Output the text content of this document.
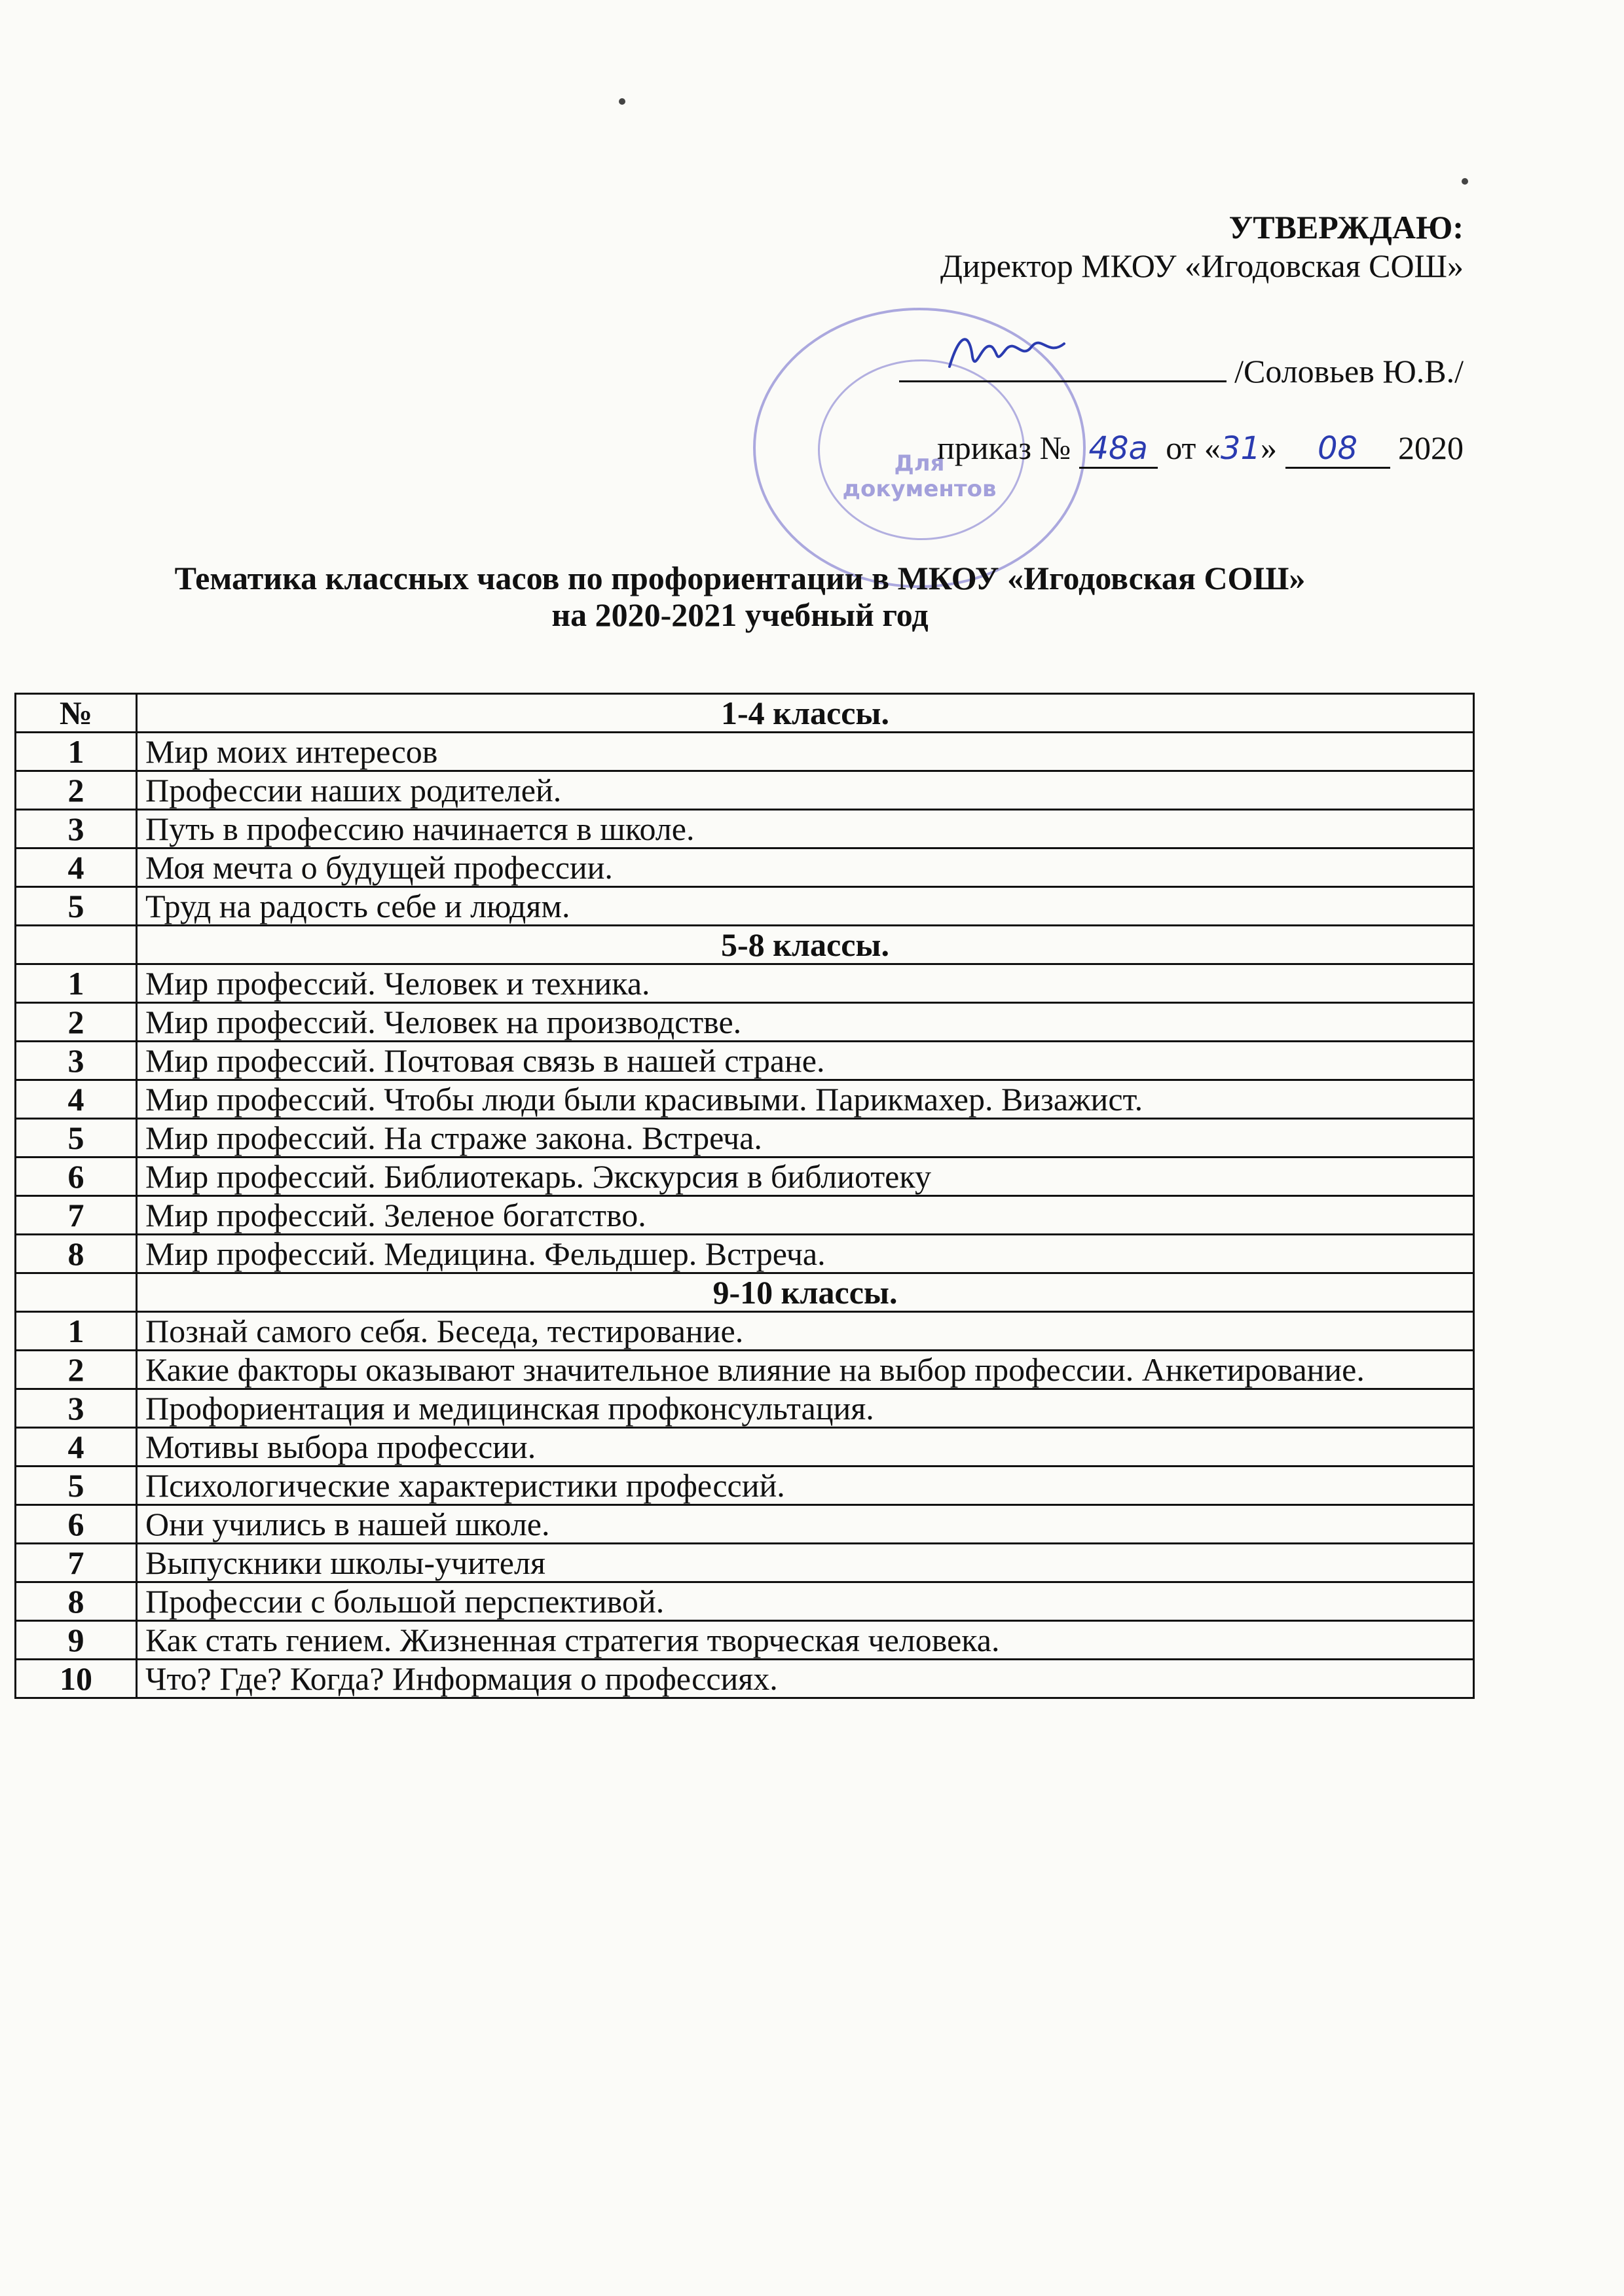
УТВЕРЖДАЮ:
Директор МКОУ «Игодовская СОШ»
Для
документов
/Соловьев Ю.В./
приказ № 48а от «31» 08 2020
Тематика классных часов по профориентации в МКОУ «Игодовская СОШ»
на 2020-2021 учебный год
№	1-4 классы.
1	Мир моих интересов
2	Профессии наших родителей.
3	Путь в профессию начинается в школе.
4	Моя мечта о будущей профессии.
5	Труд на радость себе и людям.
	5-8 классы.
1	Мир профессий. Человек и техника.
2	Мир профессий. Человек на производстве.
3	Мир профессий. Почтовая связь в нашей стране.
4	Мир профессий. Чтобы люди были красивыми. Парикмахер. Визажист.
5	Мир профессий. На страже закона. Встреча.
6	Мир профессий. Библиотекарь. Экскурсия в библиотеку
7	Мир профессий. Зеленое богатство.
8	Мир профессий. Медицина. Фельдшер. Встреча.
	9-10 классы.
1	Познай самого себя. Беседа, тестирование.
2	Какие факторы оказывают значительное влияние на выбор профессии. Анкетирование.
3	Профориентация и медицинская профконсультация.
4	Мотивы выбора профессии.
5	Психологические характеристики профессий.
6	Они учились в нашей школе.
7	Выпускники школы-учителя
8	Профессии с большой перспективой.
9	Как стать гением. Жизненная стратегия творческая человека.
10	Что? Где? Когда? Информация о профессиях.
